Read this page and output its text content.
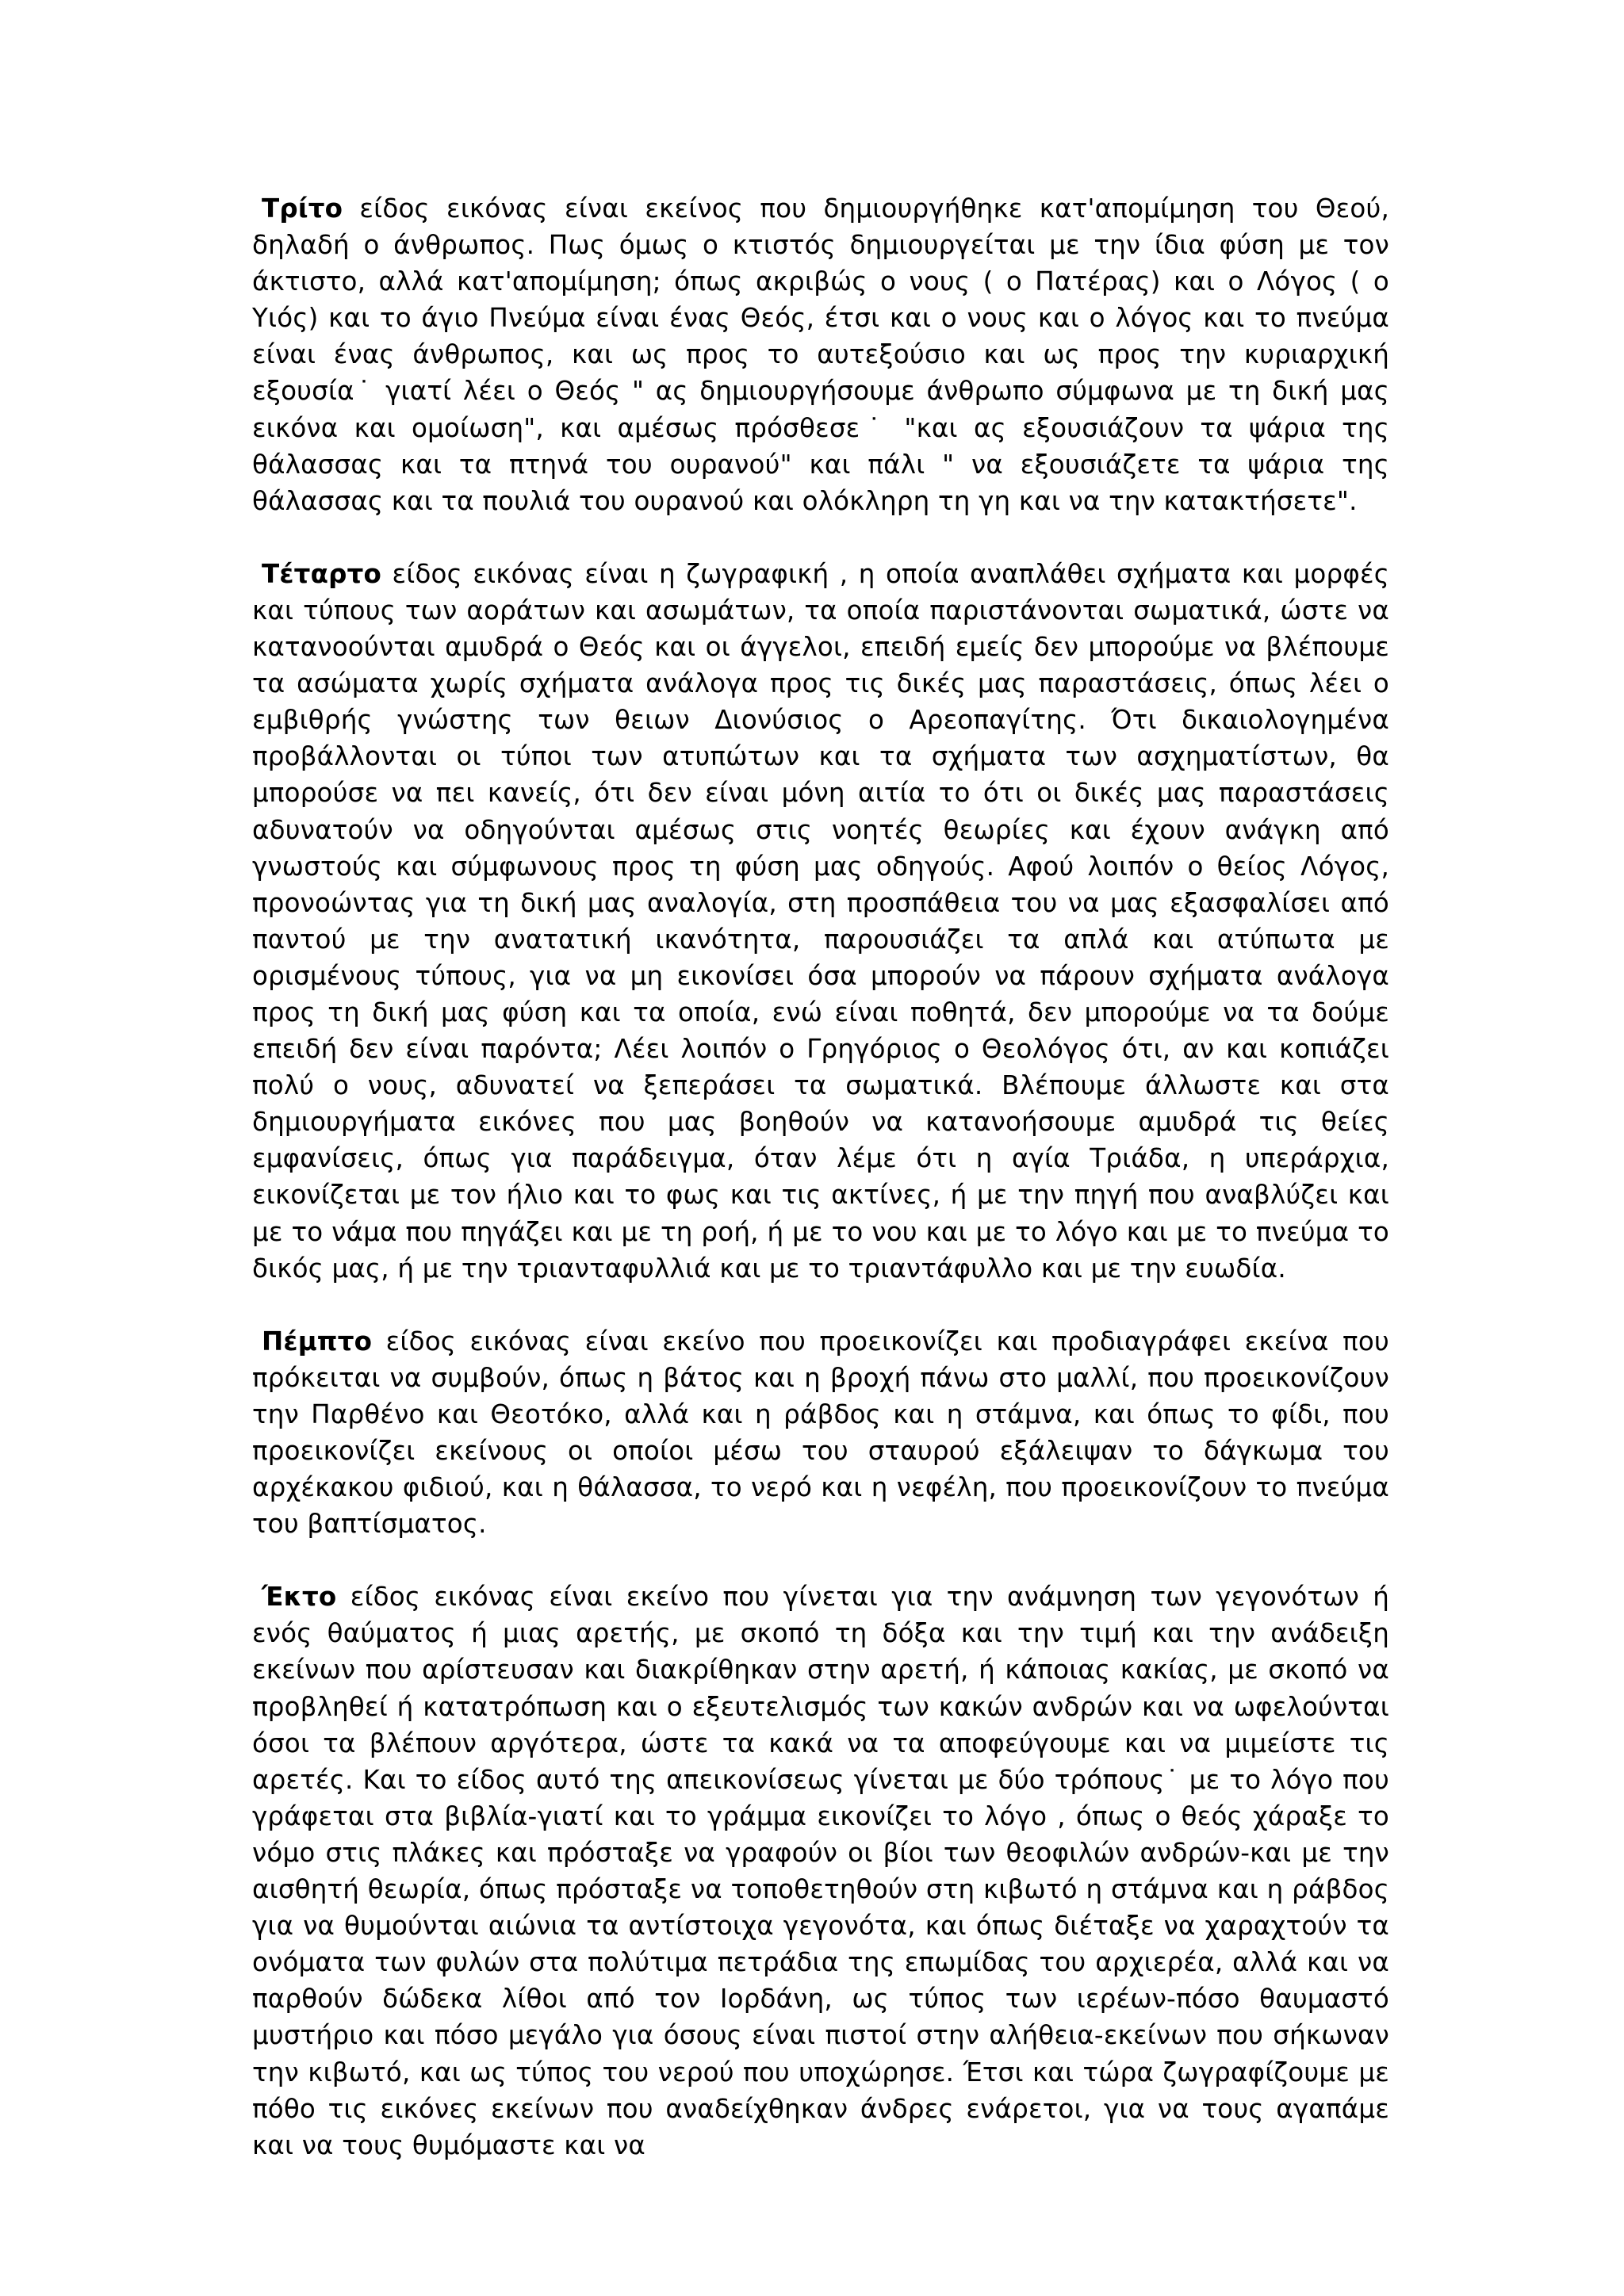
Τρίτο είδος εικόνας είναι εκείνος που δημιουργήθηκε κατ'απομίμηση του Θεού, δηλαδή ο άνθρωπος. Πως όμως ο κτιστός δημιουργείται με την ίδια φύση με τον άκτιστο, αλλά κατ'απομίμηση; όπως ακριβώς ο νους ( ο Πατέρας) και ο Λόγος ( ο Υιός) και το άγιο Πνεύμα είναι ένας Θεός, έτσι και ο νους και ο λόγος και το πνεύμα είναι ένας άνθρωπος, και ως προς το αυτεξούσιο και ως προς την κυριαρχική εξουσία˙ γιατί λέει ο Θεός " ας δημιουργήσουμε άνθρωπο σύμφωνα με τη δική μας εικόνα και ομοίωση", και αμέσως πρόσθεσε˙ "και ας εξουσιάζουν τα ψάρια της θάλασσας και τα πτηνά του ουρανού" και πάλι " να εξουσιάζετε τα ψάρια της θάλασσας και τα πουλιά του ουρανού και ολόκληρη τη γη και να την κατακτήσετε".

Τέταρτο είδος εικόνας είναι η ζωγραφική , η οποία αναπλάθει σχήματα και μορφές και τύπους των αοράτων και ασωμάτων, τα οποία παριστάνονται σωματικά, ώστε να κατανοούνται αμυδρά ο Θεός και οι άγγελοι, επειδή εμείς δεν μπορούμε να βλέπουμε τα ασώματα χωρίς σχήματα ανάλογα προς τις δικές μας παραστάσεις, όπως λέει ο εμβιθρής γνώστης των θειων Διονύσιος ο Αρεοπαγίτης. Ότι δικαιολογημένα προβάλλονται οι τύποι των ατυπώτων και τα σχήματα των ασχηματίστων, θα μπορούσε να πει κανείς, ότι δεν είναι μόνη αιτία το ότι οι δικές μας παραστάσεις αδυνατούν να οδηγούνται αμέσως στις νοητές θεωρίες και έχουν ανάγκη από γνωστούς και σύμφωνους προς τη φύση μας οδηγούς. Αφού λοιπόν ο θείος Λόγος, προνοώντας για τη δική μας αναλογία, στη προσπάθεια του να μας εξασφαλίσει από παντού με την ανατατική ικανότητα, παρουσιάζει τα απλά και ατύπωτα με ορισμένους τύπους, για να μη εικονίσει όσα μπορούν να πάρουν σχήματα ανάλογα προς τη δική μας φύση και τα οποία, ενώ είναι ποθητά, δεν μπορούμε να τα δούμε επειδή δεν είναι παρόντα; Λέει λοιπόν ο Γρηγόριος ο Θεολόγος ότι, αν και κοπιάζει πολύ ο νους, αδυνατεί να ξεπεράσει τα σωματικά. Βλέπουμε άλλωστε και στα δημιουργήματα εικόνες που μας βοηθούν να κατανοήσουμε αμυδρά τις θείες εμφανίσεις, όπως για παράδειγμα, όταν λέμε ότι η αγία Τριάδα, η υπεράρχια, εικονίζεται με τον ήλιο και το φως και τις ακτίνες, ή με την πηγή που αναβλύζει και με το νάμα που πηγάζει και με τη ροή, ή με το νου και με το λόγο και με το πνεύμα το δικός μας, ή με την τριανταφυλλιά και με το τριαντάφυλλο και με την ευωδία.

Πέμπτο είδος εικόνας είναι εκείνο που προεικονίζει και προδιαγράφει εκείνα που πρόκειται να συμβούν, όπως η βάτος και η βροχή πάνω στο μαλλί, που προεικονίζουν την Παρθένο και Θεοτόκο, αλλά και η ράβδος και η στάμνα, και όπως το φίδι, που προεικονίζει εκείνους οι οποίοι μέσω του σταυρού εξάλειψαν το δάγκωμα του αρχέκακου φιδιού, και η θάλασσα, το νερό και η νεφέλη, που προεικονίζουν το πνεύμα του βαπτίσματος.

Έκτο είδος εικόνας είναι εκείνο που γίνεται για την ανάμνηση των γεγονότων ή ενός θαύματος ή μιας αρετής, με σκοπό τη δόξα και την τιμή και την ανάδειξη εκείνων που αρίστευσαν και διακρίθηκαν στην αρετή, ή κάποιας κακίας, με σκοπό να προβληθεί ή κατατρόπωση και ο εξευτελισμός των κακών ανδρών και να ωφελούνται όσοι τα βλέπουν αργότερα, ώστε τα κακά να τα αποφεύγουμε και να μιμείστε τις αρετές. Και το είδος αυτό της απεικονίσεως γίνεται με δύο τρόπους˙ με το λόγο που γράφεται στα βιβλία-γιατί και το γράμμα εικονίζει το λόγο , όπως ο θεός χάραξε το νόμο στις πλάκες και πρόσταξε να γραφούν οι βίοι των θεοφιλών ανδρών-και με την αισθητή θεωρία, όπως πρόσταξε να τοποθετηθούν στη κιβωτό η στάμνα και η ράβδος για να θυμούνται αιώνια τα αντίστοιχα γεγονότα, και όπως διέταξε να χαραχτούν τα ονόματα των φυλών στα πολύτιμα πετράδια της επωμίδας του αρχιερέα, αλλά και να παρθούν δώδεκα λίθοι από τον Ιορδάνη, ως τύπος των ιερέων-πόσο θαυμαστό μυστήριο και πόσο μεγάλο για όσους είναι πιστοί στην αλήθεια-εκείνων που σήκωναν την κιβωτό, και ως τύπος του νερού που υποχώρησε. Έτσι και τώρα ζωγραφίζουμε με πόθο τις εικόνες εκείνων που αναδείχθηκαν άνδρες ενάρετοι, για να τους αγαπάμε και να τους θυμόμαστε και να
